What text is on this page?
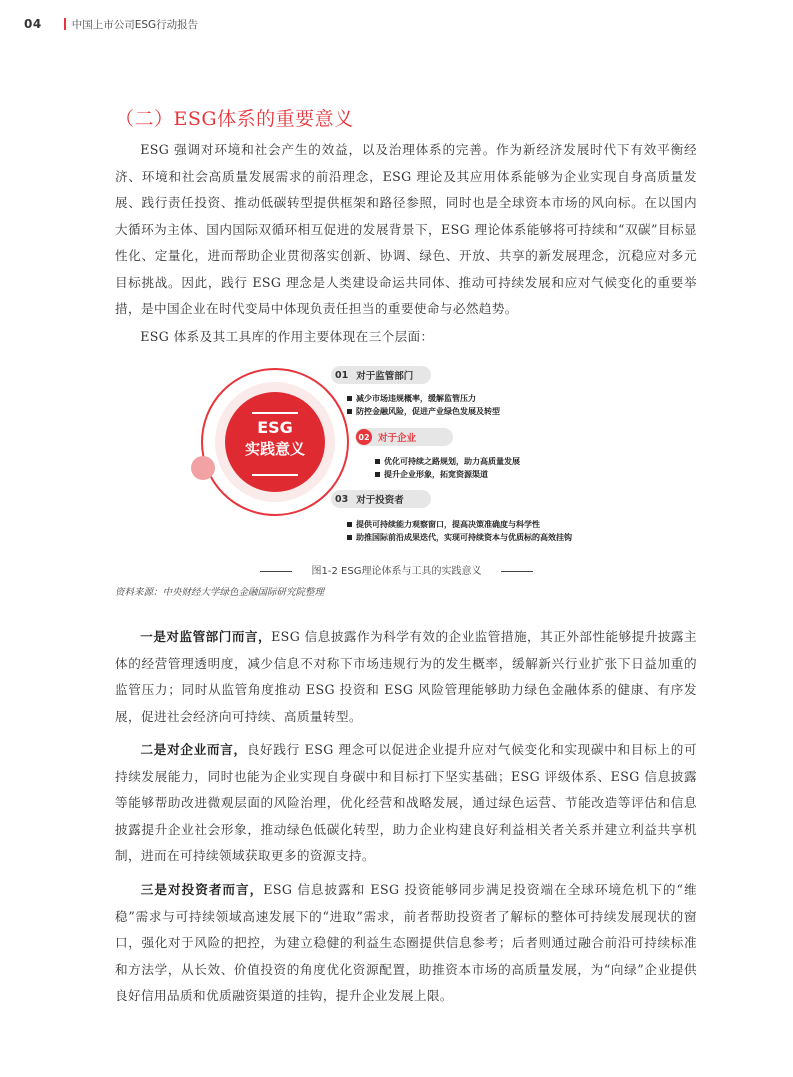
04	中国上市公司ESG行动报告
（二）ESG体系的重要意义
ESG 强调对环境和社会产生的效益，以及治理体系的完善。作为新经济发展时代下有效平衡经济、环境和社会高质量发展需求的前沿理念，ESG 理论及其应用体系能够为企业实现自身高质量发展、践行责任投资、推动低碳转型提供框架和路径参照，同时也是全球资本市场的风向标。在以国内大循环为主体、国内国际双循环相互促进的发展背景下，ESG 理论体系能够将可持续和“双碳”目标显性化、定量化，进而帮助企业贯彻落实创新、协调、绿色、开放、共享的新发展理念，沉稳应对多元目标挑战。因此，践行 ESG 理念是人类建设命运共同体、推动可持续发展和应对气候变化的重要举措，是中国企业在时代变局中体现负责任担当的重要使命与必然趋势。
ESG 体系及其工具库的作用主要体现在三个层面：
ESG
实践意义
01 对于监管部门
减少市场违规概率，缓解监管压力
防控金融风险，促进产业绿色发展及转型
02 对于企业
优化可持续之路规划，助力高质量发展
提升企业形象，拓宽资源渠道
03 对于投资者
提供可持续能力观察窗口，提高决策准确度与科学性
助推国际前沿成果迭代，实现可持续资本与优质标的高效挂钩
图1-2 ESG理论体系与工具的实践意义
资料来源：中央财经大学绿色金融国际研究院整理
一是对监管部门而言，ESG 信息披露作为科学有效的企业监管措施，其正外部性能够提升披露主体的经营管理透明度，减少信息不对称下市场违规行为的发生概率，缓解新兴行业扩张下日益加重的监管压力；同时从监管角度推动 ESG 投资和 ESG 风险管理能够助力绿色金融体系的健康、有序发展，促进社会经济向可持续、高质量转型。
二是对企业而言，良好践行 ESG 理念可以促进企业提升应对气候变化和实现碳中和目标上的可持续发展能力，同时也能为企业实现自身碳中和目标打下坚实基础；ESG 评级体系、ESG 信息披露等能够帮助改进微观层面的风险治理，优化经营和战略发展，通过绿色运营、节能改造等评估和信息披露提升企业社会形象，推动绿色低碳化转型，助力企业构建良好利益相关者关系并建立利益共享机制，进而在可持续领域获取更多的资源支持。
三是对投资者而言，ESG 信息披露和 ESG 投资能够同步满足投资端在全球环境危机下的“维稳”需求与可持续领域高速发展下的“进取”需求，前者帮助投资者了解标的整体可持续发展现状的窗口，强化对于风险的把控，为建立稳健的利益生态圈提供信息参考；后者则通过融合前沿可持续标准和方法学，从长效、价值投资的角度优化资源配置，助推资本市场的高质量发展，为“向绿”企业提供良好信用品质和优质融资渠道的挂钩，提升企业发展上限。
